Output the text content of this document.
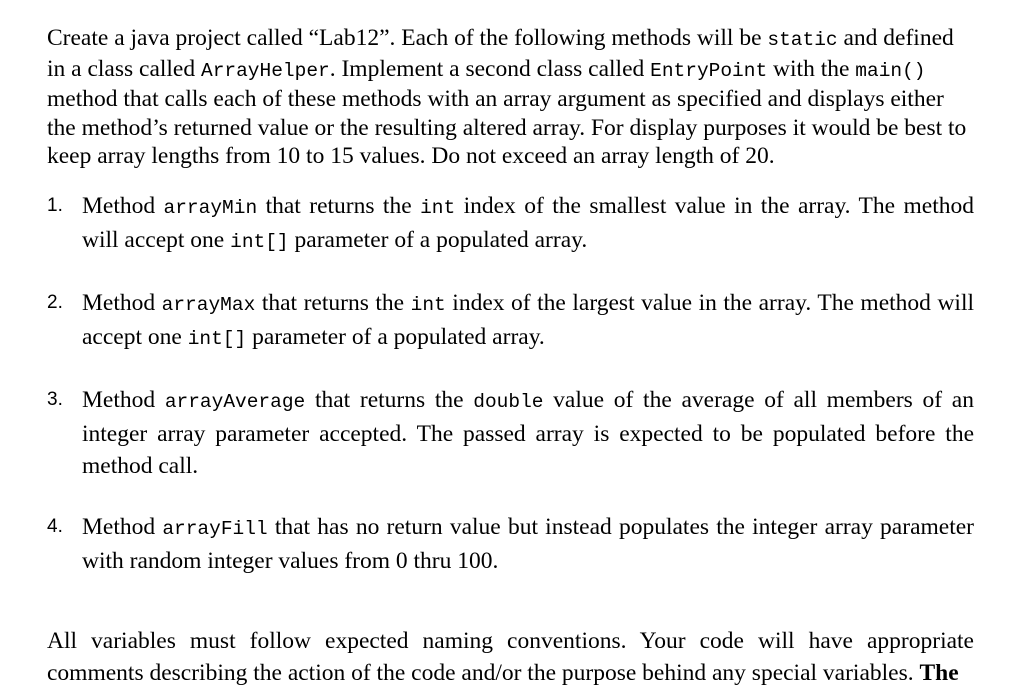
Create a java project called “Lab12”. Each of the following methods will be static and defined in a class called ArrayHelper. Implement a second class called EntryPoint with the main() method that calls each of these methods with an array argument as specified and displays either the method’s returned value or the resulting altered array. For display purposes it would be best to keep array lengths from 10 to 15 values. Do not exceed an array length of 20.

1. Method arrayMin that returns the int index of the smallest value in the array. The method will accept one int[] parameter of a populated array.

2. Method arrayMax that returns the int index of the largest value in the array. The method will accept one int[] parameter of a populated array.

3. Method arrayAverage that returns the double value of the average of all members of an integer array parameter accepted. The passed array is expected to be populated before the method call.

4. Method arrayFill that has no return value but instead populates the integer array parameter with random integer values from 0 thru 100.

All variables must follow expected naming conventions. Your code will have appropriate comments describing the action of the code and/or the purpose behind any special variables. The
